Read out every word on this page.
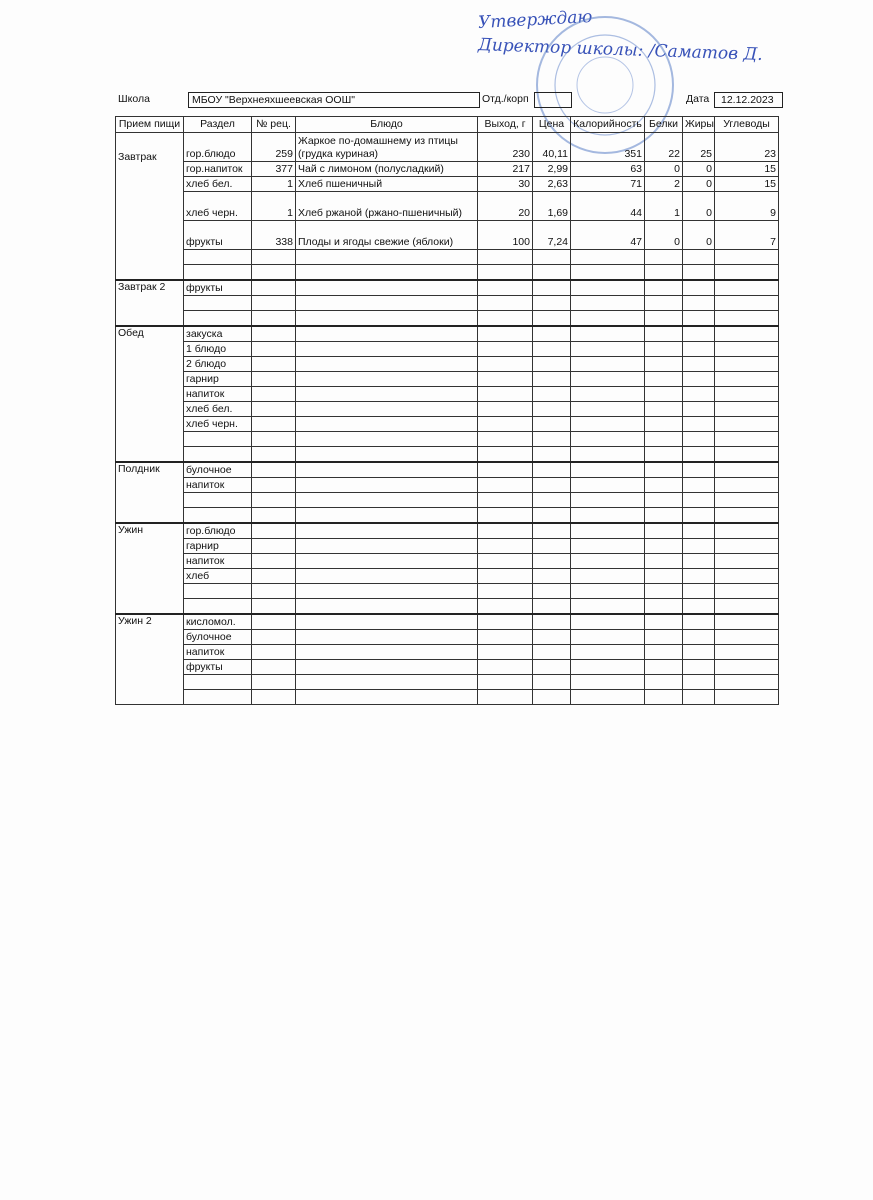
Утверждаю
Директор школы: /Саматов Д.
Школа	МБОУ "Верхнеяхшеевская ООШ"	Отд./корп	Дата 12.12.2023
Прием пищи	Раздел	№ рец.	Блюдо	Выход, г	Цена	Калорийность	Белки	Жиры	Углеводы
Завтрак	гор.блюдо	259	Жаркое по-домашнему из птицы (грудка куриная)	230	40,11	351	22	25	23
	гор.напиток	377	Чай с лимоном (полусладкий)	217	2,99	63	0	0	15
	хлеб бел.	1	Хлеб пшеничный	30	2,63	71	2	0	15
	хлеб черн.	1	Хлеб ржаной (ржано-пшеничный)	20	1,69	44	1	0	9
	фрукты	338	Плоды и ягоды свежие (яблоки)	100	7,24	47	0	0	7

Завтрак 2	фрукты								

Обед	закуска								
	1 блюдо								
	2 блюдо								
	гарнир								
	напиток								
	хлеб бел.								
	хлеб черн.								

Полдник	булочное								
	напиток								

Ужин	гор.блюдо								
	гарнир								
	напиток								
	хлеб								

Ужин 2	кисломол.								
	булочное								
	напиток								
	фрукты								
